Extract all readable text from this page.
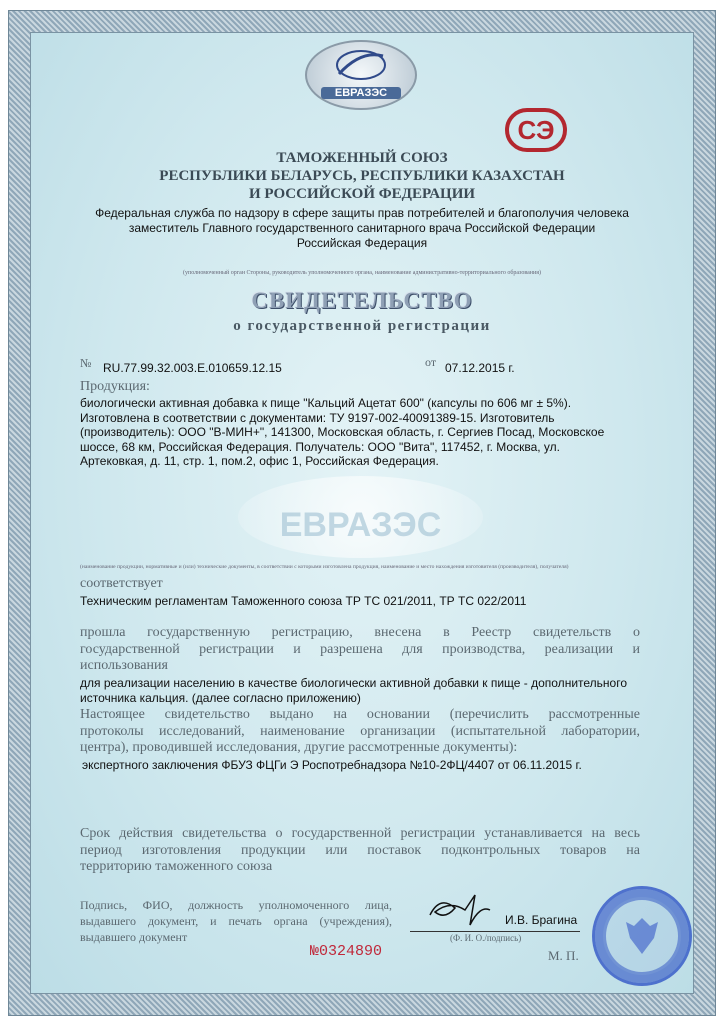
ЕВРАЗЭС
СЭ
ТАМОЖЕННЫЙ СОЮЗ
РЕСПУБЛИКИ БЕЛАРУСЬ, РЕСПУБЛИКИ КАЗАХСТАН
И РОССИЙСКОЙ ФЕДЕРАЦИИ
Федеральная служба по надзору в сфере защиты прав потребителей и благополучия человека
заместитель Главного государственного санитарного врача Российской Федерации
Российская Федерация
(уполномоченный орган Стороны, руководитель уполномоченного органа, наименование административно-территориального образования)
СВИДЕТЕЛЬСТВО
о государственной регистрации
№ RU.77.99.32.003.E.010659.12.15	от 07.12.2015 г.
Продукция:
ЕВРАЗЭС
биологически активная добавка к пище "Кальций Ацетат 600" (капсулы по 606 мг ± 5%).
Изготовлена в соответствии с документами: ТУ 9197-002-40091389-15. Изготовитель
(производитель): ООО "В-МИН+", 141300, Московская область, г. Сергиев Посад, Московское
шоссе, 68 км, Российская Федерация. Получатель: ООО "Вита", 117452, г. Москва, ул.
Артековкая, д. 11, стр. 1, пом.2, офис 1, Российская Федерация.
(наименование продукции, нормативные и (или) технические документы, в соответствии с которыми изготовлена продукция, наименование и место нахождения изготовителя (производителя), получателя)
соответствует
Техническим регламентам Таможенного союза ТР ТС 021/2011, ТР ТС 022/2011
прошла государственную регистрацию, внесена в Реестр свидетельств о
государственной регистрации и разрешена для производства, реализации и
использования
для реализации населению в качестве биологически активной добавки к пище - дополнительного
источника кальция. (далее согласно приложению)
Настоящее свидетельство выдано на основании (перечислить рассмотренные
протоколы исследований, наименование организации (испытательной лаборатории,
центра), проводившей исследования, другие рассмотренные документы):
экспертного заключения ФБУЗ ФЦГи Э Роспотребнадзора №10-2ФЦ/4407 от 06.11.2015 г.
Срок действия свидетельства о государственной регистрации устанавливается на весь
период изготовления продукции или поставок подконтрольных товаров на
территорию таможенного союза
Подпись, ФИО, должность уполномоченного лица,
выдавшего документ, и печать органа (учреждения),
выдавшего документ
И.В. Брагина
(Ф. И. О./подпись)
М. П.
№0324890
